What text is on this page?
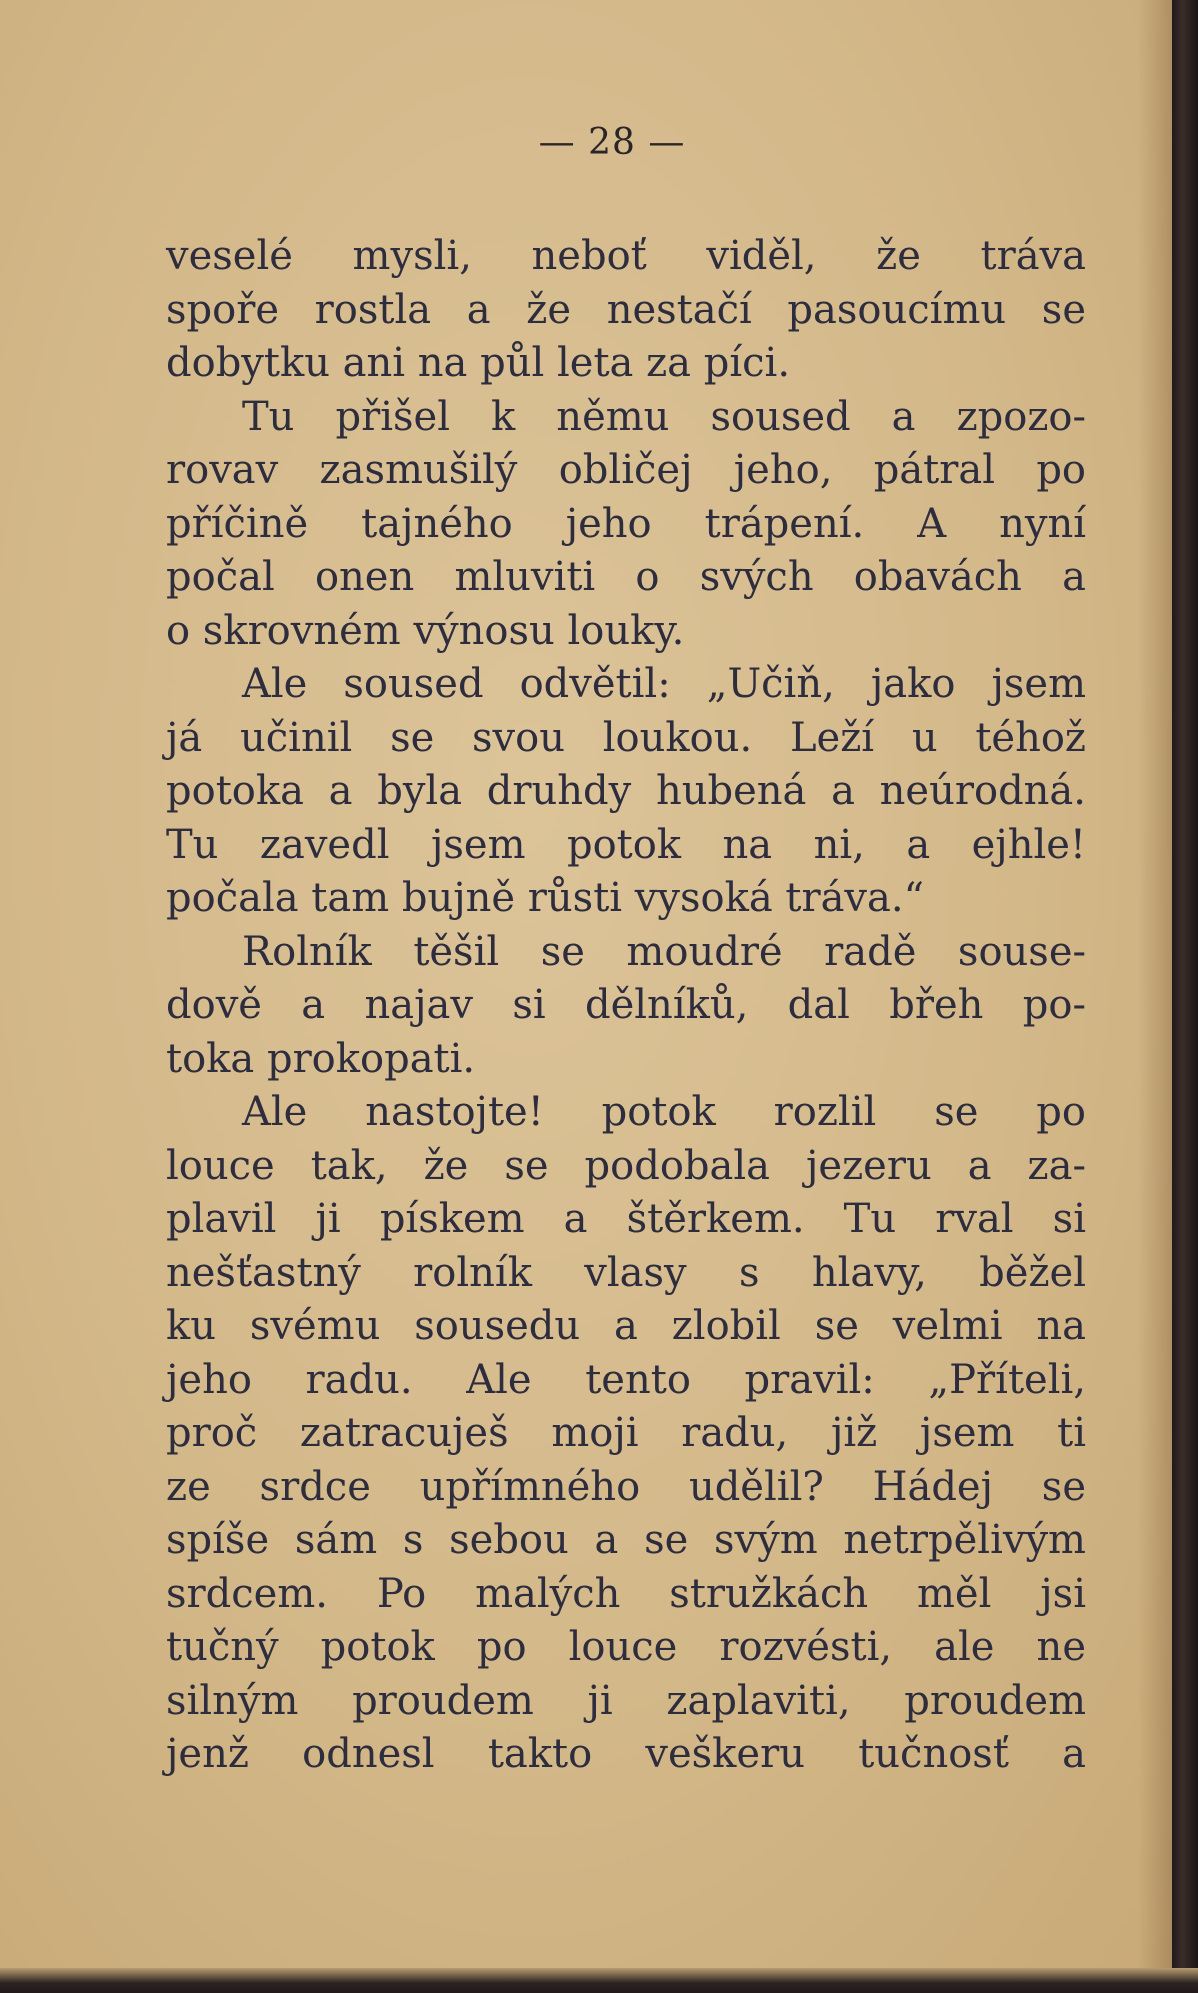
— 28 —
veselé mysli, neboť viděl, že tráva
spoře rostla a že nestačí pasoucímu se
dobytku ani na půl leta za píci.
Tu přišel k němu soused a zpozo-
rovav zasmušilý obličej jeho, pátral po
příčině tajného jeho trápení. A nyní
počal onen mluviti o svých obavách a
o skrovném výnosu louky.
Ale soused odvětil: „Učiň, jako jsem
já učinil se svou loukou. Leží u téhož
potoka a byla druhdy hubená a neúrodná.
Tu zavedl jsem potok na ni, a ejhle!
počala tam bujně růsti vysoká tráva.“
Rolník těšil se moudré radě souse-
dově a najav si dělníků, dal břeh po-
toka prokopati.
Ale nastojte! potok rozlil se po
louce tak, že se podobala jezeru a za-
plavil ji pískem a štěrkem. Tu rval si
nešťastný rolník vlasy s hlavy, běžel
ku svému sousedu a zlobil se velmi na
jeho radu. Ale tento pravil: „Příteli,
proč zatracuješ moji radu, již jsem ti
ze srdce upřímného udělil? Hádej se
spíše sám s sebou a se svým netrpělivým
srdcem. Po malých stružkách měl jsi
tučný potok po louce rozvésti, ale ne
silným proudem ji zaplaviti, proudem
jenž odnesl takto veškeru tučnosť a
